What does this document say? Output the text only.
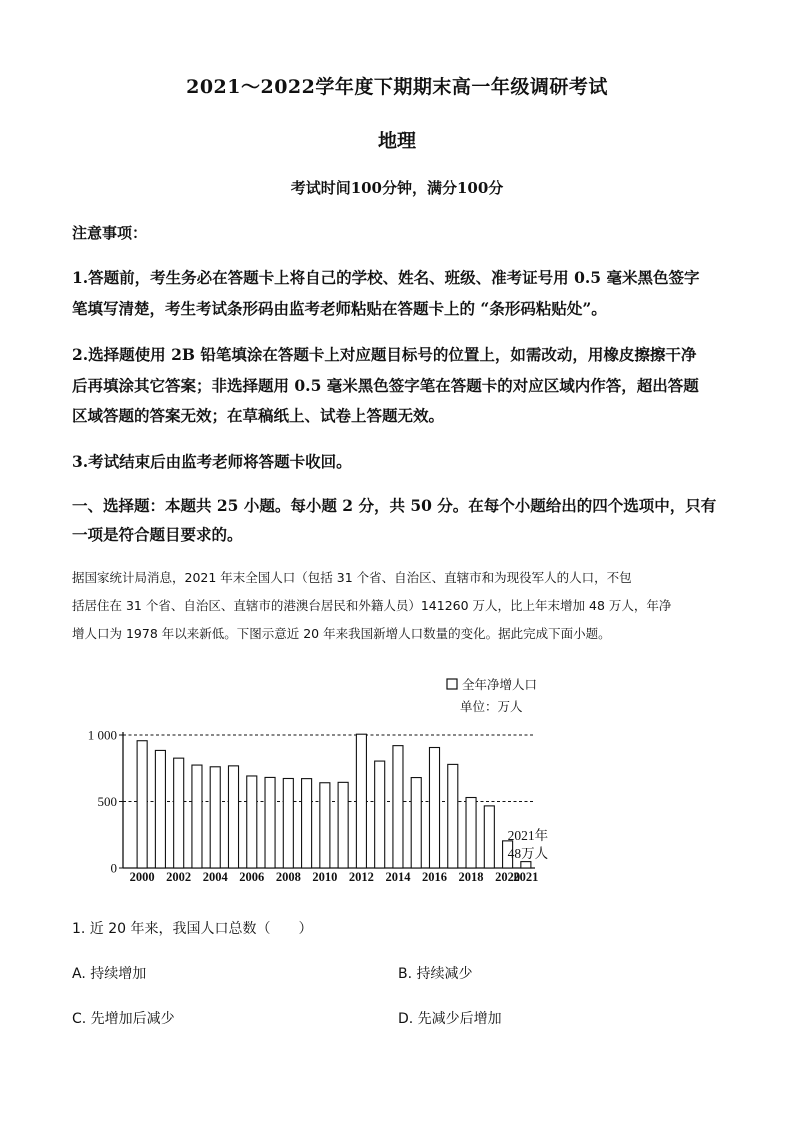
2021～2022学年度下期期末高一年级调研考试
地理
考试时间100分钟，满分100分
注意事项：
1.答题前，考生务必在答题卡上将自己的学校、姓名、班级、准考证号用 0.5 毫米黑色签字
笔填写清楚，考生考试条形码由监考老师粘贴在答题卡上的 “条形码粘贴处”。
2.选择题使用 2B 铅笔填涂在答题卡上对应题目标号的位置上，如需改动，用橡皮擦擦干净
后再填涂其它答案；非选择题用 0.5 毫米黑色签字笔在答题卡的对应区域内作答，超出答题
区域答题的答案无效；在草稿纸上、试卷上答题无效。
3.考试结束后由监考老师将答题卡收回。
一、选择题：本题共 25 小题。每小题 2 分，共 50 分。在每个小题给出的四个选项中，只有
一项是符合题目要求的。
据国家统计局消息，2021 年末全国人口（包括 31 个省、自治区、直辖市和为现役军人的人口，不包
括居住在 31 个省、自治区、直辖市的港澳台居民和外籍人员）141260 万人，比上年末增加 48 万人，年净
增人口为 1978 年以来新低。下图示意近 20 年来我国新增人口数量的变化。据此完成下面小题。
全年净增人口
单位：万人
0
500
1 000
2000 2002 2004 2006 2008 2010 2012 2014 2016 2018 2020
2021
2021年
48万人
1. 近 20 年来，我国人口总数（　　）
A. 持续增加	B. 持续减少
C. 先增加后减少	D. 先减少后增加
